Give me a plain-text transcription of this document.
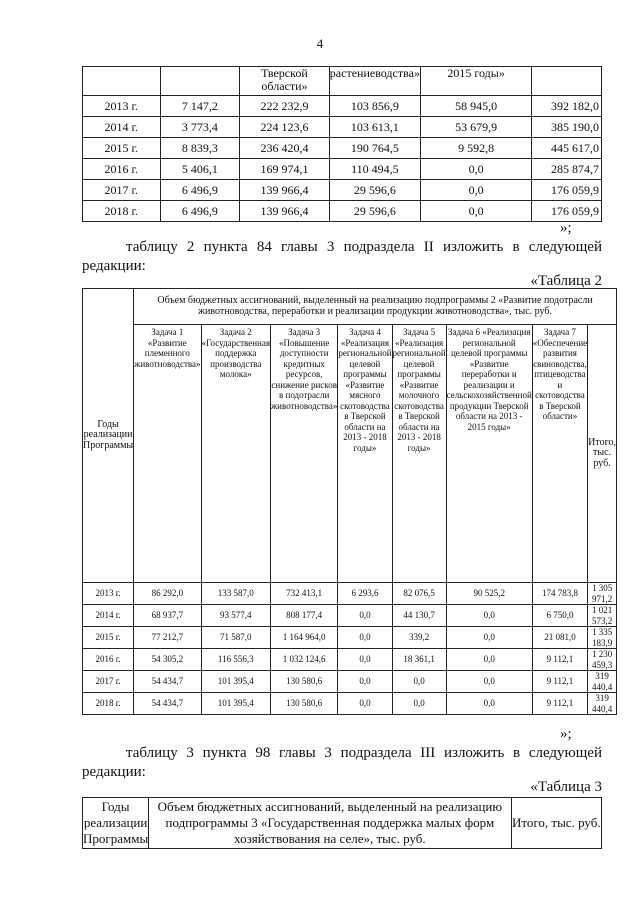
4
		Тверской области»	растениеводства»	2015 годы»	
2013 г.	7 147,2	222 232,9	103 856,9	58 945,0	392 182,0
2014 г.	3 773,4	224 123,6	103 613,1	53 679,9	385 190,0
2015 г.	8 839,3	236 420,4	190 764,5	9 592,8	445 617,0
2016 г.	5 406,1	169 974,1	110 494,5	0,0	285 874,7
2017 г.	6 496,9	139 966,4	29 596,6	0,0	176 059,9
2018 г.	6 496,9	139 966,4	29 596,6	0,0	176 059,9
»;
таблицу 2 пункта 84 главы 3 подраздела II изложить в следующей редакции:
«Таблица 2
Годы реализации Программы	Объем бюджетных ассигнований, выделенный на реализацию подпрограммы 2 «Развитие подотрасли животноводства, переработки и реализации продукции животноводства», тыс. руб.							
	Задача 1 «Развитие племенного животноводства»	Задача 2 «Государственная поддержка производства молока»	Задача 3 «Повышение доступности кредитных ресурсов, снижение рисков в подотрасли животноводства»	Задача 4 «Реализация региональной целевой программы «Развитие мясного скотоводства в Тверской области на 2013 - 2018 годы»	Задача 5 «Реализация региональной целевой программы «Развитие молочного скотоводства в Тверской области на 2013 - 2018 годы»	Задача 6 «Реализация региональной целевой программы «Развитие переработки и реализации и сельскохозяйственной продукции Тверской области на 2013 - 2015 годы»	Задача 7 «Обеспечение развития свиноводства, птицеводства и скотоводства в Тверской области»	Итого, тыс. руб.
2013 г.	86 292,0	133 587,0	732 413,1	6 293,6	82 076,5	90 525,2	174 783,8	1 305 971,2
2014 г.	68 937,7	93 577,4	808 177,4	0,0	44 130,7	0,0	6 750,0	1 021 573,2
2015 г.	77 212,7	71 587,0	1 164 964,0	0,0	339,2	0,0	21 081,0	1 335 183,9
2016 г.	54 305,2	116 556,3	1 032 124,6	0,0	18 361,1	0,0	9 112,1	1 230 459,3
2017 г.	54 434,7	101 395,4	130 580,6	0,0	0,0	0,0	9 112,1	319 440,4
2018 г.	54 434,7	101 395,4	130 580,6	0,0	0,0	0,0	9 112,1	319 440,4
»;
таблицу 3 пункта 98 главы 3 подраздела III изложить в следующей редакции:
«Таблица 3
Годы реализации Программы	Объем бюджетных ассигнований, выделенный на реализацию подпрограммы 3 «Государственная поддержка малых форм хозяйствования на селе», тыс. руб.	Итого, тыс. руб.
